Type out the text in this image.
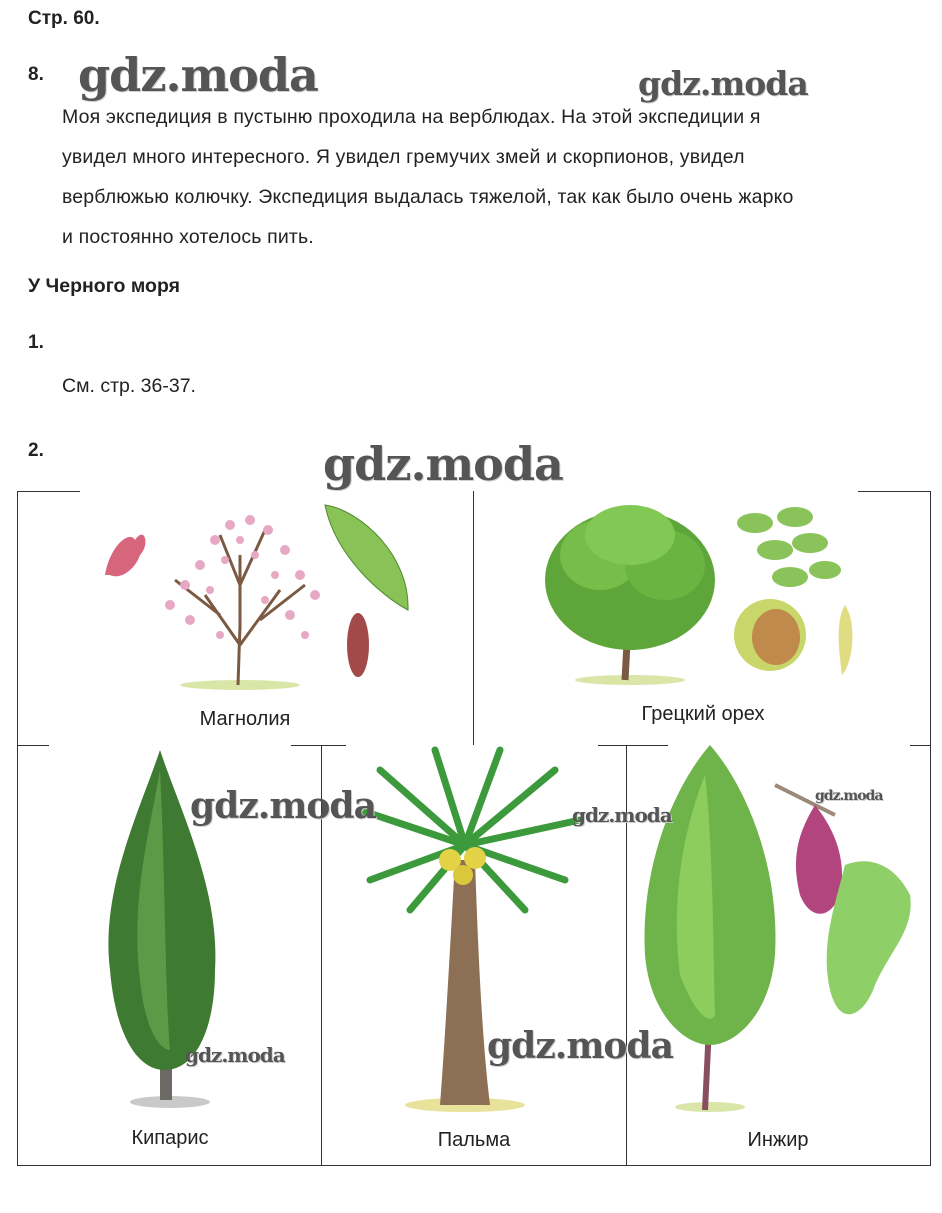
Стр. 60.
8.
Моя экспедиция в пустыню проходила на верблюдах. На этой экспедиции я
увидел много интересного. Я увидел гремучих змей и скорпионов, увидел
верблюжью колючку. Экспедиция выдалась тяжелой, так как было очень жарко
и постоянно хотелось пить.
У Черного моря
1.
См. стр. 36-37.
2.
Магнолия	Грецкий орех
Кипарис	Пальма	Инжир
gdz.moda	gdz.moda
gdz.moda
gdz.moda	gdz.moda
gdz.moda
gdz.moda	gdz.moda
